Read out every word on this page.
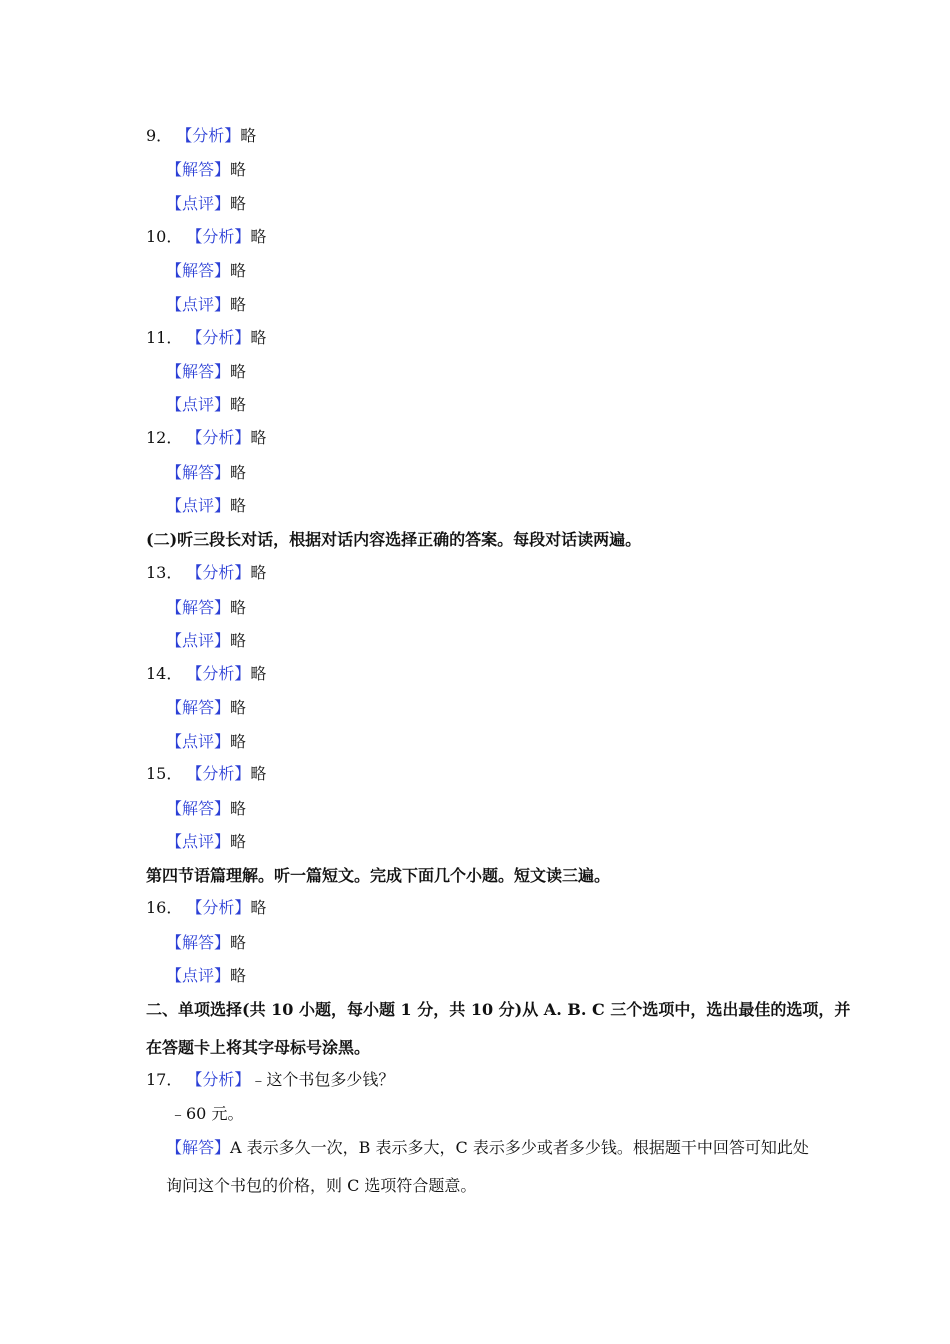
9． 【分析】略
【解答】略
【点评】略
10． 【分析】略
【解答】略
【点评】略
11． 【分析】略
【解答】略
【点评】略
12． 【分析】略
【解答】略
【点评】略
(二)听三段长对话，根据对话内容选择正确的答案。每段对话读两遍。
13． 【分析】略
【解答】略
【点评】略
14． 【分析】略
【解答】略
【点评】略
15． 【分析】略
【解答】略
【点评】略
第四节语篇理解。听一篇短文。完成下面几个小题。短文读三遍。
16． 【分析】略
【解答】略
【点评】略
二、单项选择(共 10 小题，每小题 1 分，共 10 分)从 A. B. C 三个选项中，选出最佳的选项，并
在答题卡上将其字母标号涂黑。
17． 【分析】﹣这个书包多少钱？
﹣60 元。
【解答】A 表示多久一次，B 表示多大，C 表示多少或者多少钱。根据题干中回答可知此处
询问这个书包的价格，则 C 选项符合题意。
